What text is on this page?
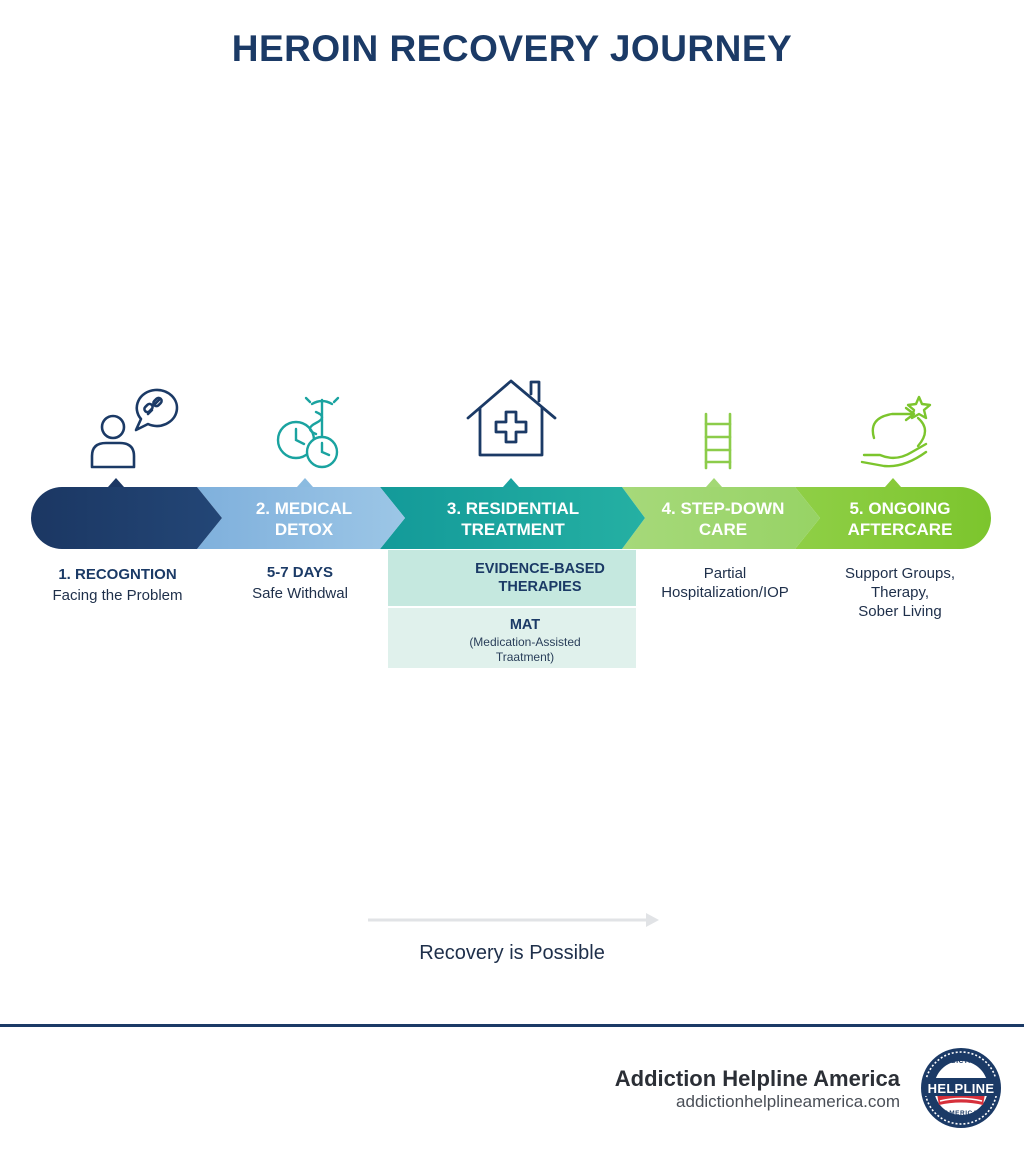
HEROIN RECOVERY JOURNEY
2. MEDICAL
DETOX
3. RESIDENTIAL
TREATMENT
4. STEP-DOWN
CARE
5. ONGOING
AFTERCARE
1. RECOGNTION
Facing the Problem
5-7 DAYS
Safe Withdwal
Partial
Hospitalization/IOP
Support Groups,
Therapy,
Sober Living
EVIDENCE-BASED
THERAPIES
MAT
(Medication-Assisted
Traatment)
Recovery is Possible
Addiction Helpline America
addictionhelplineamerica.com
HELPLINE
ADDICTION
AMERICA
